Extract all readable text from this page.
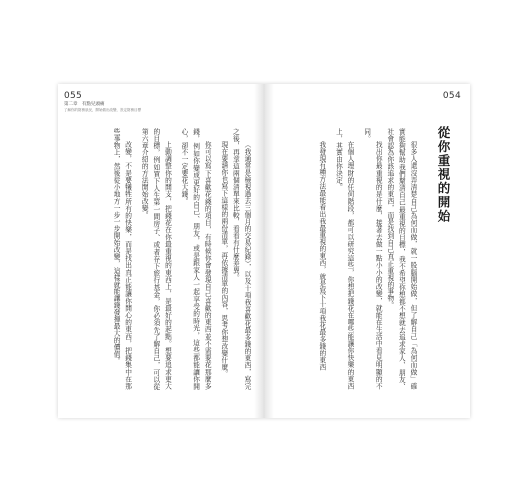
055
第二章　有點兒頭痛
了解你的財務狀況，開始做出改變，設定財務目標

（我通常是檢視過去三個月的交易紀錄），以及十項我喜歡花最多錢的東西，寫完之後，再拿這兩個清單來比較，看看有什麼差異。

現在要請你也寫下這樣的兩份清單，再依據清單的內容，思考你想改變什麼。

你可以寫下喜歡花錢的項目，有時候你會發現自己喜歡的東西並不需要花那麼多錢，例如你變成更好的自己、朋友，或是跟家人一起享受的時光，這些都能讓你開心，卻不一定要花大錢。

上動調整你的開支，把錢花在你最重視的東西上，是最好的起點。想要追求更大的目標，例如買下人生第一間房子、或者存下旅行基金，你必須先了解自己，可以從第六章介紹的方法開始改變。

改變，不是要犧牲所有的快樂，而是找出真正能讓你開心的東西，把錢集中在那些事物上，然後從小地方一步一步開始改變，這樣就能讓錢發揮最大的價值。

054
從你重視的開始

很多人還沒弄清楚自己為何而做，就一股腦開始做，但了解自己「為何而做」確實能夠幫助我們釐清自己最重視的目標，我不希望你想都不想就去追求家人、朋友、社會認為你該追求的東西，而是找到自己真正重視的事物。

找出你最重視的是什麼，接著去做一點小小的改變，就能在生活中看見明顯的不同。

在個人理財的任何階段，都可以研究這些，你想把錢花在哪些能讓你快樂的東西上，其實由你決定。

我發現有種方法最能看出我最重視的東西，就是寫下十項我花最多錢的東西
